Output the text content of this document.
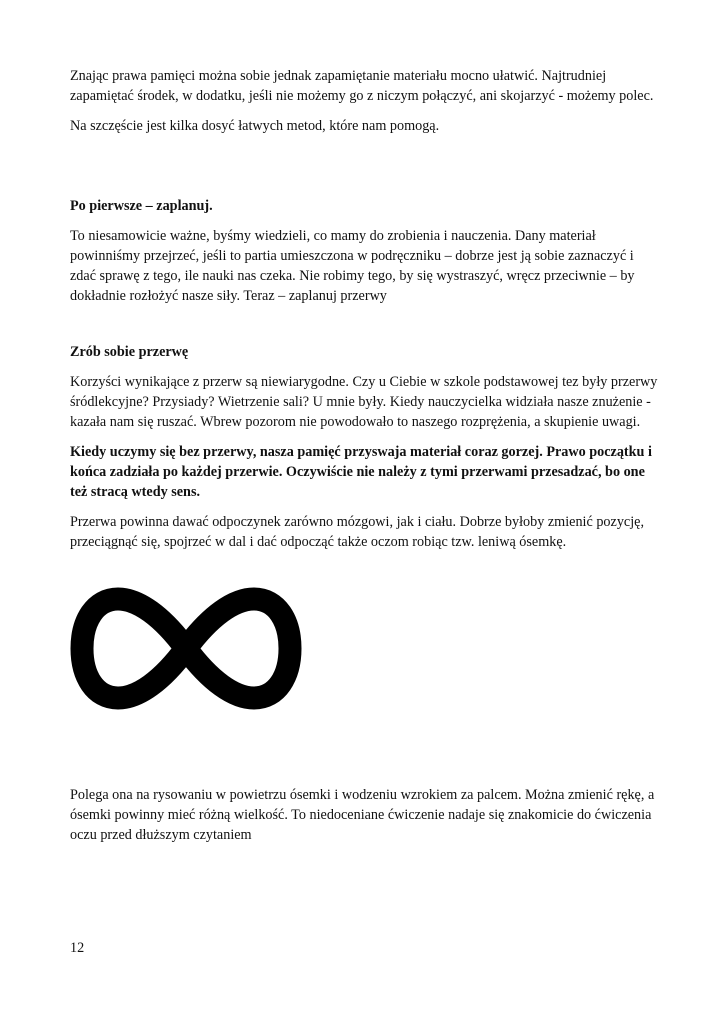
Znając prawa pamięci można sobie jednak zapamiętanie materiału mocno ułatwić. Najtrudniej zapamiętać środek, w dodatku, jeśli nie możemy go z niczym połączyć, ani skojarzyć - możemy polec.

Na szczęście jest kilka dosyć łatwych metod, które nam pomogą.

Po pierwsze – zaplanuj.

To niesamowicie ważne, byśmy wiedzieli, co mamy do zrobienia i nauczenia. Dany materiał powinniśmy przejrzeć, jeśli to partia umieszczona w podręczniku – dobrze jest ją sobie zaznaczyć i zdać sprawę z tego, ile nauki nas czeka. Nie robimy tego, by się wystraszyć, wręcz przeciwnie – by dokładnie rozłożyć nasze siły. Teraz – zaplanuj przerwy

Zrób sobie przerwę

Korzyści wynikające z przerw są niewiarygodne. Czy u Ciebie w szkole podstawowej tez były przerwy śródlekcyjne? Przysiady? Wietrzenie sali? U mnie były. Kiedy nauczycielka widziała nasze znużenie - kazała nam się ruszać. Wbrew pozorom nie powodowało to naszego rozprężenia, a skupienie uwagi.

Kiedy uczymy się bez przerwy, nasza pamięć przyswaja materiał coraz gorzej. Prawo początku i końca zadziała po każdej przerwie. Oczywiście nie należy z tymi przerwami przesadzać, bo one też stracą wtedy sens.

Przerwa powinna dawać odpoczynek zarówno mózgowi, jak i ciału. Dobrze byłoby zmienić pozycję, przeciągnąć się, spojrzeć w dal i dać odpocząć także oczom robiąc tzw. leniwą ósemkę.

Polega ona na rysowaniu w powietrzu ósemki i wodzeniu wzrokiem za palcem. Można zmienić rękę, a ósemki powinny mieć różną wielkość. To niedoceniane ćwiczenie nadaje się znakomicie do ćwiczenia oczu przed dłuższym czytaniem

12
